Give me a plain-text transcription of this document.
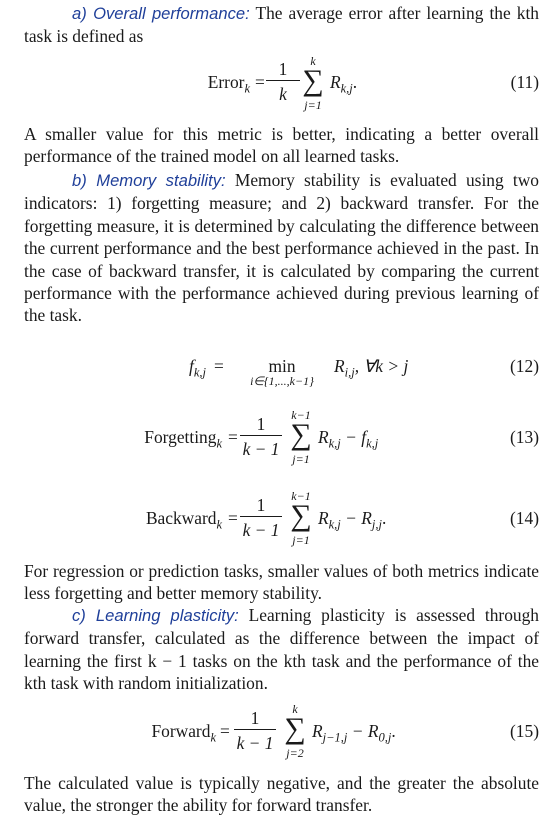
a) Overall performance: The average error after learning the kth task is defined as

Error$_k$ =
1
k
k
∑
j=1
$R_{k,j}$.	(11)

A smaller value for this metric is better, indicating a better overall performance of the trained model on all learned tasks.

b) Memory stability: Memory stability is evaluated using two indicators: 1) forgetting measure; and 2) backward transfer. For the forgetting measure, it is determined by calculating the difference between the current performance and the best performance achieved in the past. In the case of backward transfer, it is calculated by comparing the current performance with the performance achieved during previous learning of the task.

$f_{k,j}$ =	min
i∈{1,...,k−1}
$R_{i,j}$, ∀k > j	(12)
Forgetting$_k$ =
1
k − 1
k−1
∑
j=1
$R_{k,j} - f_{k,j}$	(13)
Backward$_k$ =
1
k − 1
k−1
∑
j=1
$R_{k,j} - R_{j,j}$.	(14)

For regression or prediction tasks, smaller values of both metrics indicate less forgetting and better memory stability.

c) Learning plasticity: Learning plasticity is assessed through forward transfer, calculated as the difference between the impact of learning the first k − 1 tasks on the kth task and the performance of the kth task with random initialization.

Forward$_k$ =
1
k − 1
k
∑
j=2
$R_{j-1,j} - R_{0,j}$.	(15)

The calculated value is typically negative, and the greater the absolute value, the stronger the ability for forward transfer.
